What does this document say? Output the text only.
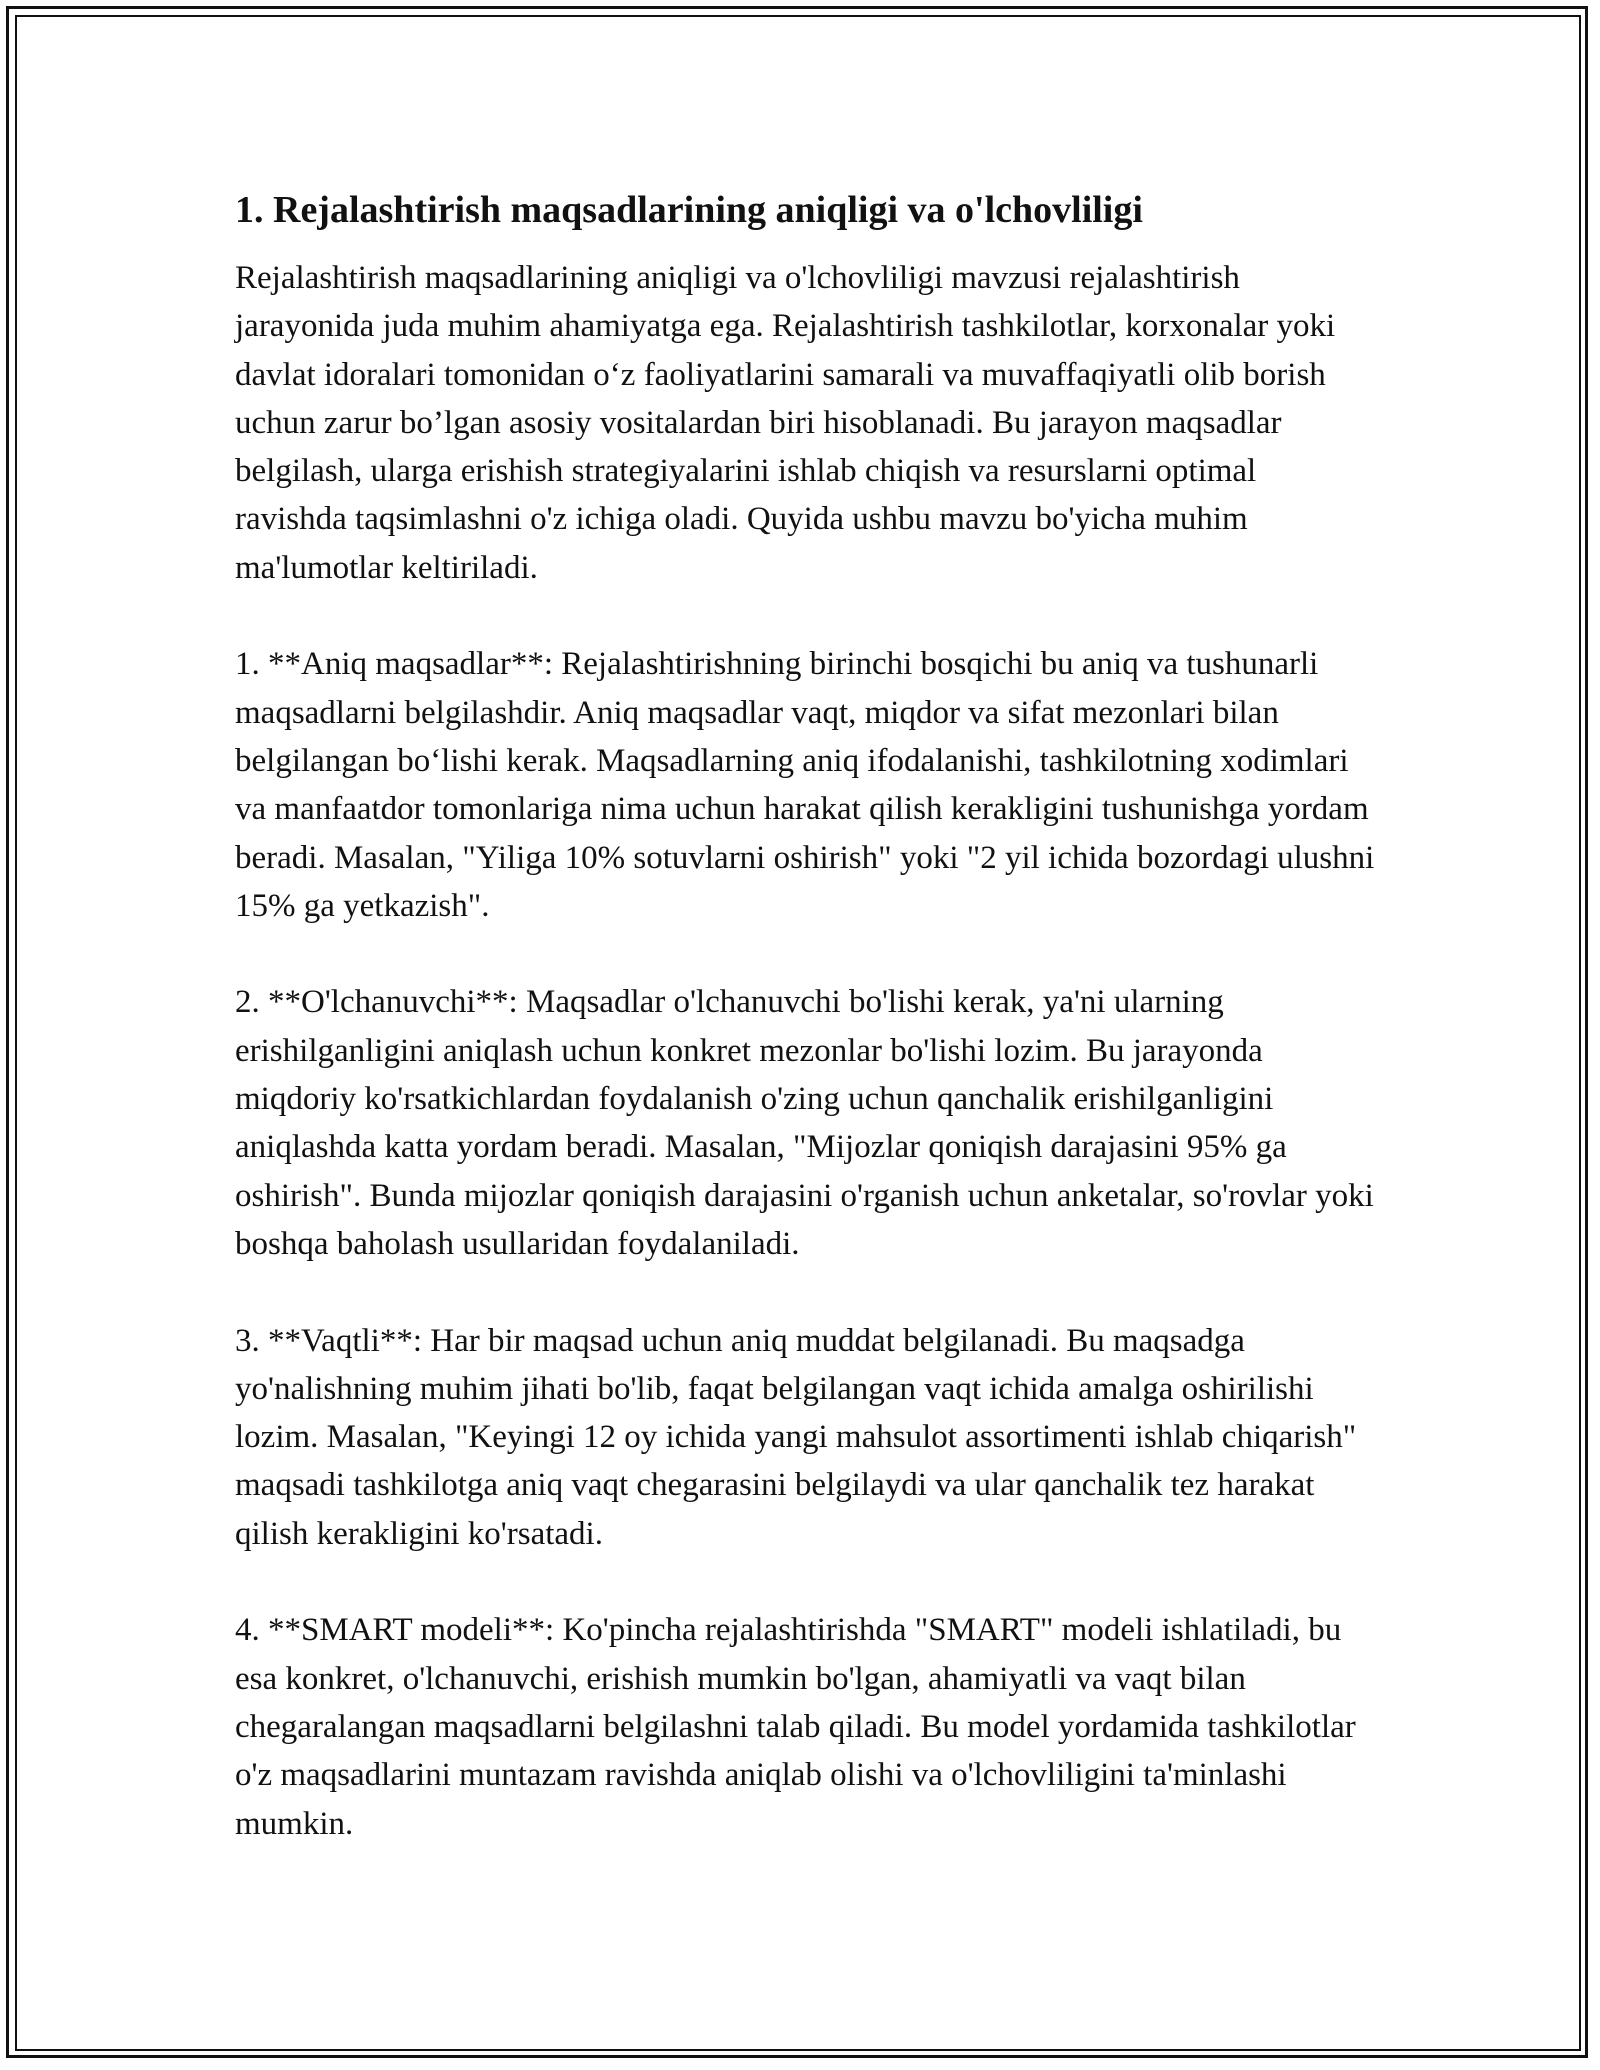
1. Rejalashtirish maqsadlarining aniqligi va o'lchovliligi

Rejalashtirish maqsadlarining aniqligi va o'lchovliligi mavzusi rejalashtirish jarayonida juda muhim ahamiyatga ega. Rejalashtirish tashkilotlar, korxonalar yoki davlat idoralari tomonidan o‘z faoliyatlarini samarali va muvaffaqiyatli olib borish uchun zarur bo’lgan asosiy vositalardan biri hisoblanadi. Bu jarayon maqsadlar belgilash, ularga erishish strategiyalarini ishlab chiqish va resurslarni optimal ravishda taqsimlashni o'z ichiga oladi. Quyida ushbu mavzu bo'yicha muhim ma'lumotlar keltiriladi.

1. **Aniq maqsadlar**: Rejalashtirishning birinchi bosqichi bu aniq va tushunarli maqsadlarni belgilashdir. Aniq maqsadlar vaqt, miqdor va sifat mezonlari bilan belgilangan bo‘lishi kerak. Maqsadlarning aniq ifodalanishi, tashkilotning xodimlari va manfaatdor tomonlariga nima uchun harakat qilish kerakligini tushunishga yordam beradi. Masalan, "Yiliga 10% sotuvlarni oshirish" yoki "2 yil ichida bozordagi ulushni 15% ga yetkazish".

2. **O'lchanuvchi**: Maqsadlar o'lchanuvchi bo'lishi kerak, ya'ni ularning erishilganligini aniqlash uchun konkret mezonlar bo'lishi lozim. Bu jarayonda miqdoriy ko'rsatkichlardan foydalanish o'zing uchun qanchalik erishilganligini aniqlashda katta yordam beradi. Masalan, "Mijozlar qoniqish darajasini 95% ga oshirish". Bunda mijozlar qoniqish darajasini o'rganish uchun anketalar, so'rovlar yoki boshqa baholash usullaridan foydalaniladi.

3. **Vaqtli**: Har bir maqsad uchun aniq muddat belgilanadi. Bu maqsadga yo'nalishning muhim jihati bo'lib, faqat belgilangan vaqt ichida amalga oshirilishi lozim. Masalan, "Keyingi 12 oy ichida yangi mahsulot assortimenti ishlab chiqarish" maqsadi tashkilotga aniq vaqt chegarasini belgilaydi va ular qanchalik tez harakat qilish kerakligini ko'rsatadi.

4. **SMART modeli**: Ko'pincha rejalashtirishda "SMART" modeli ishlatiladi, bu esa konkret, o'lchanuvchi, erishish mumkin bo'lgan, ahamiyatli va vaqt bilan chegaralangan maqsadlarni belgilashni talab qiladi. Bu model yordamida tashkilotlar o'z maqsadlarini muntazam ravishda aniqlab olishi va o'lchovliligini ta'minlashi mumkin.
